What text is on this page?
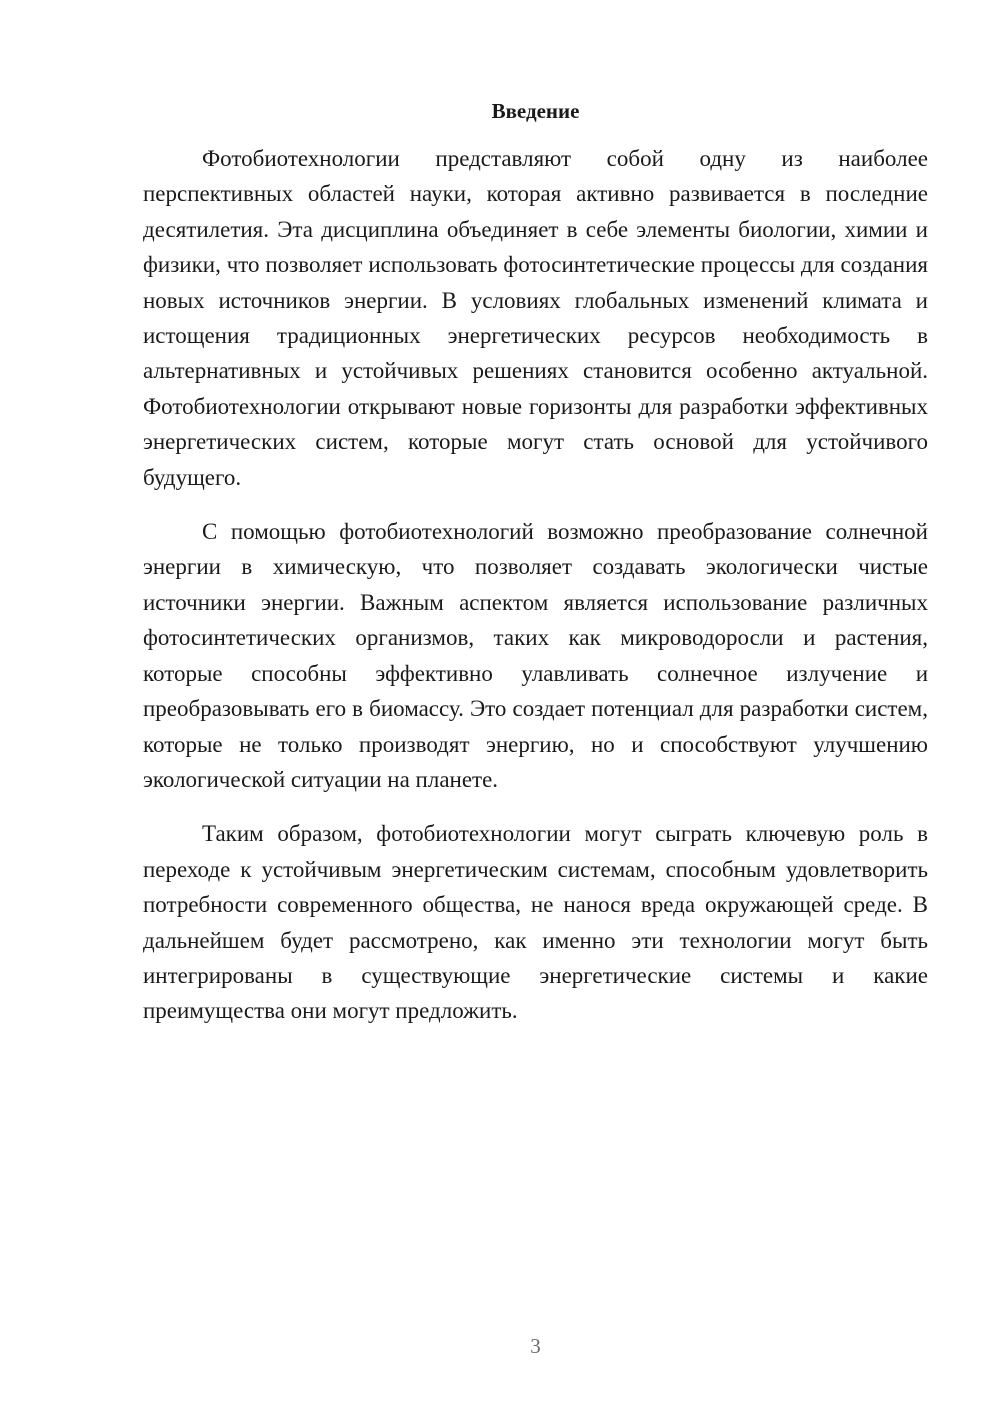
Введение

Фотобиотехнологии представляют собой одну из наиболее перспективных областей науки, которая активно развивается в последние десятилетия. Эта дисциплина объединяет в себе элементы биологии, химии и физики, что позволяет использовать фотосинтетические процессы для создания новых источников энергии. В условиях глобальных изменений климата и истощения традиционных энергетических ресурсов необходимость в альтернативных и устойчивых решениях становится особенно актуальной. Фотобиотехнологии открывают новые горизонты для разработки эффективных энергетических систем, которые могут стать основой для устойчивого будущего.

С помощью фотобиотехнологий возможно преобразование солнечной энергии в химическую, что позволяет создавать экологически чистые источники энергии. Важным аспектом является использование различных фотосинтетических организмов, таких как микроводоросли и растения, которые способны эффективно улавливать солнечное излучение и преобразовывать его в биомассу. Это создает потенциал для разработки систем, которые не только производят энергию, но и способствуют улучшению экологической ситуации на планете.

Таким образом, фотобиотехнологии могут сыграть ключевую роль в переходе к устойчивым энергетическим системам, способным удовлетворить потребности современного общества, не нанося вреда окружающей среде. В дальнейшем будет рассмотрено, как именно эти технологии могут быть интегрированы в существующие энергетические системы и какие преимущества они могут предложить.

3
